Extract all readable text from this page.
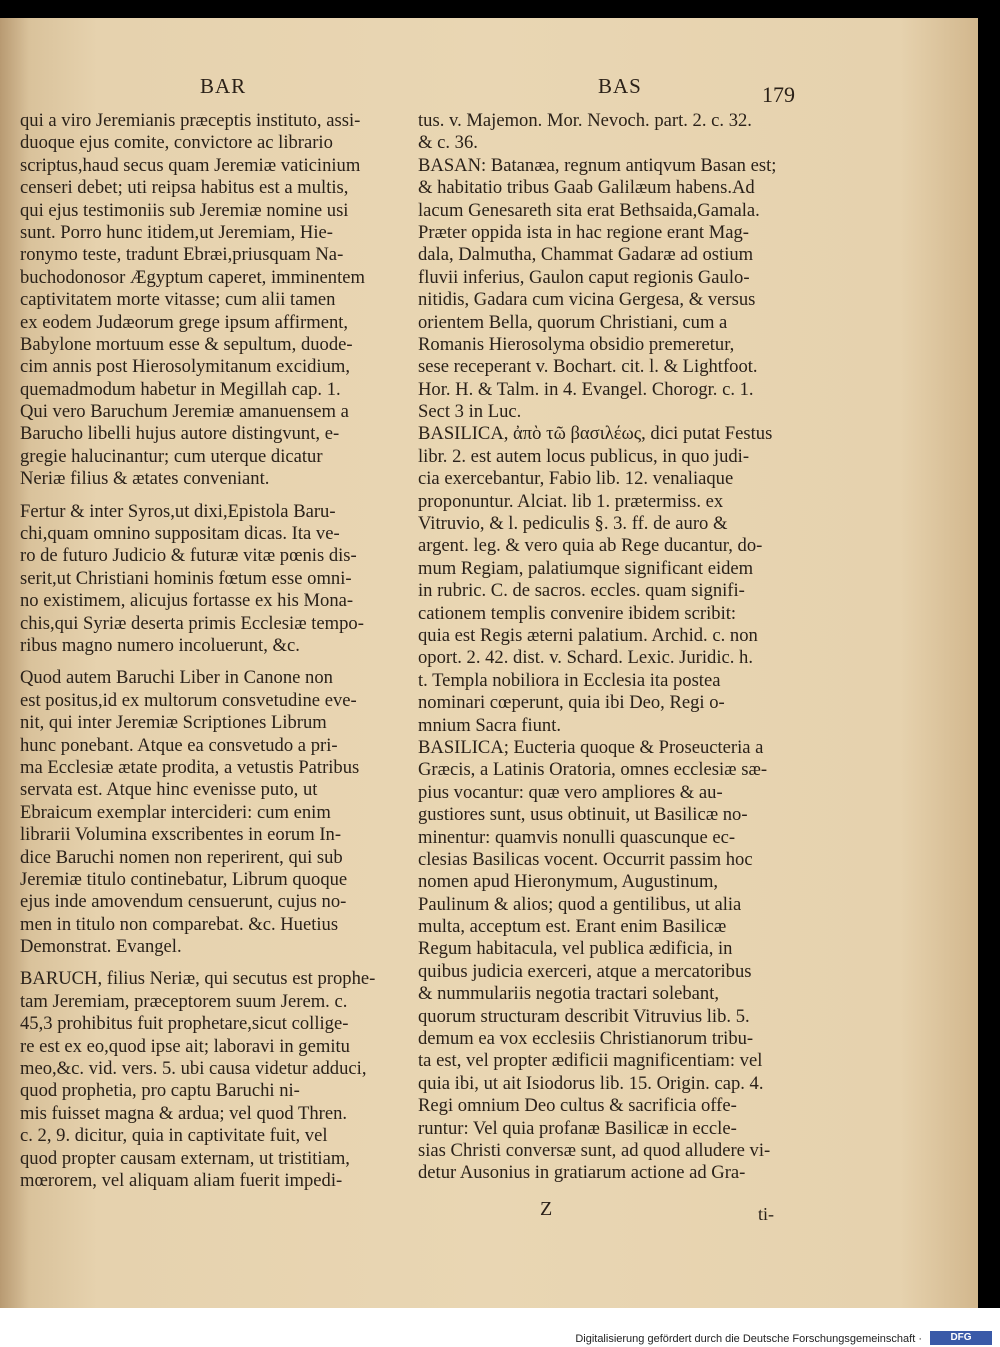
BAR	BAS	179
qui a viro Jeremianis præceptis instituto, assi-
duoque ejus comite, convictore ac librario
scriptus,haud secus quam Jeremiæ vaticinium
censeri debet; uti reipsa habitus est a multis,
qui ejus testimoniis sub Jeremiæ nomine usi
sunt. Porro hunc itidem,ut Jeremiam, Hie-
ronymo teste, tradunt Ebræi,priusquam Na-
buchodonosor Ægyptum caperet, imminentem
captivitatem morte vitasse; cum alii tamen
ex eodem Judæorum grege ipsum affirment,
Babylone mortuum esse & sepultum, duode-
cim annis post Hierosolymitanum excidium,
quemadmodum habetur in Megillah cap. 1.
Qui vero Baruchum Jeremiæ amanuensem a
Barucho libelli hujus autore distingvunt, e-
gregie halucinantur; cum uterque dicatur
Neriæ filius & ætates conveniant.
Fertur & inter Syros,ut dixi,Epistola Baru-
chi,quam omnino suppositam dicas. Ita ve-
ro de futuro Judicio & futuræ vitæ pœnis dis-
serit,ut Christiani hominis fœtum esse omni-
no existimem, alicujus fortasse ex his Mona-
chis,qui Syriæ deserta primis Ecclesiæ tempo-
ribus magno numero incoluerunt, &c.
Quod autem Baruchi Liber in Canone non
est positus,id ex multorum consvetudine eve-
nit, qui inter Jeremiæ Scriptiones Librum
hunc ponebant. Atque ea consvetudo a pri-
ma Ecclesiæ ætate prodita, a vetustis Patribus
servata est. Atque hinc evenisse puto, ut
Ebraicum exemplar intercideri: cum enim
librarii Volumina exscribentes in eorum In-
dice Baruchi nomen non reperirent, qui sub
Jeremiæ titulo continebatur, Librum quoque
ejus inde amovendum censuerunt, cujus no-
men in titulo non comparebat. &c. Huetius
Demonstrat. Evangel.
BARUCH, filius Neriæ, qui secutus est prophe-
tam Jeremiam, præceptorem suum Jerem. c.
45,3 prohibitus fuit prophetare,sicut collige-
re est ex eo,quod ipse ait; laboravi in gemitu
meo,&c. vid. vers. 5. ubi causa videtur adduci,
quod prophetia, pro captu Baruchi ni-
mis fuisset magna & ardua; vel quod Thren.
c. 2, 9. dicitur, quia in captivitate fuit, vel
quod propter causam externam, ut tristitiam,
mœrorem, vel aliquam aliam fuerit impedi-
tus. v. Majemon. Mor. Nevoch. part. 2. c. 32.
& c. 36.
BASAN: Batanæa, regnum antiqvum Basan est;
& habitatio tribus Gaab Galilæum habens.Ad
lacum Genesareth sita erat Bethsaida,Gamala.
Præter oppida ista in hac regione erant Mag-
dala, Dalmutha, Chammat Gadaræ ad ostium
fluvii inferius, Gaulon caput regionis Gaulo-
nitidis, Gadara cum vicina Gergesa, & versus
orientem Bella, quorum Christiani, cum a
Romanis Hierosolyma obsidio premeretur,
sese receperant v. Bochart. cit. l. & Lightfoot.
Hor. H. & Talm. in 4. Evangel. Chorogr. c. 1.
Sect 3 in Luc.
BASILICA, ἀπὸ τῶ βασιλέως, dici putat Festus
libr. 2. est autem locus publicus, in quo judi-
cia exercebantur, Fabio lib. 12. venaliaque
proponuntur. Alciat. lib 1. prætermiss. ex
Vitruvio, & l. pediculis §. 3. ff. de auro &
argent. leg. & vero quia ab Rege ducantur, do-
mum Regiam, palatiumque significant eidem
in rubric. C. de sacros. eccles. quam signifi-
cationem templis convenire ibidem scribit:
quia est Regis æterni palatium. Archid. c. non
oport. 2. 42. dist. v. Schard. Lexic. Juridic. h.
t. Templa nobiliora in Ecclesia ita postea
nominari cœperunt, quia ibi Deo, Regi o-
mnium Sacra fiunt.
BASILICA; Eucteria quoque & Proseucteria a
Græcis, a Latinis Oratoria, omnes ecclesiæ sæ-
pius vocantur: quæ vero ampliores & au-
gustiores sunt, usus obtinuit, ut Basilicæ no-
minentur: quamvis nonulli quascunque ec-
clesias Basilicas vocent. Occurrit passim hoc
nomen apud Hieronymum, Augustinum,
Paulinum & alios; quod a gentilibus, ut alia
multa, acceptum est. Erant enim Basilicæ
Regum habitacula, vel publica ædificia, in
quibus judicia exerceri, atque a mercatoribus
& nummulariis negotia tractari solebant,
quorum structuram describit Vitruvius lib. 5.
demum ea vox ecclesiis Christianorum tribu-
ta est, vel propter ædificii magnificentiam: vel
quia ibi, ut ait Isiodorus lib. 15. Origin. cap. 4.
Regi omnium Deo cultus & sacrificia offe-
runtur: Vel quia profanæ Basilicæ in eccle-
sias Christi conversæ sunt, ad quod alludere vi-
detur Ausonius in gratiarum actione ad Gra-
Z	ti-
Digitalisierung gefördert durch die Deutsche Forschungsgemeinschaft ·	DFG
